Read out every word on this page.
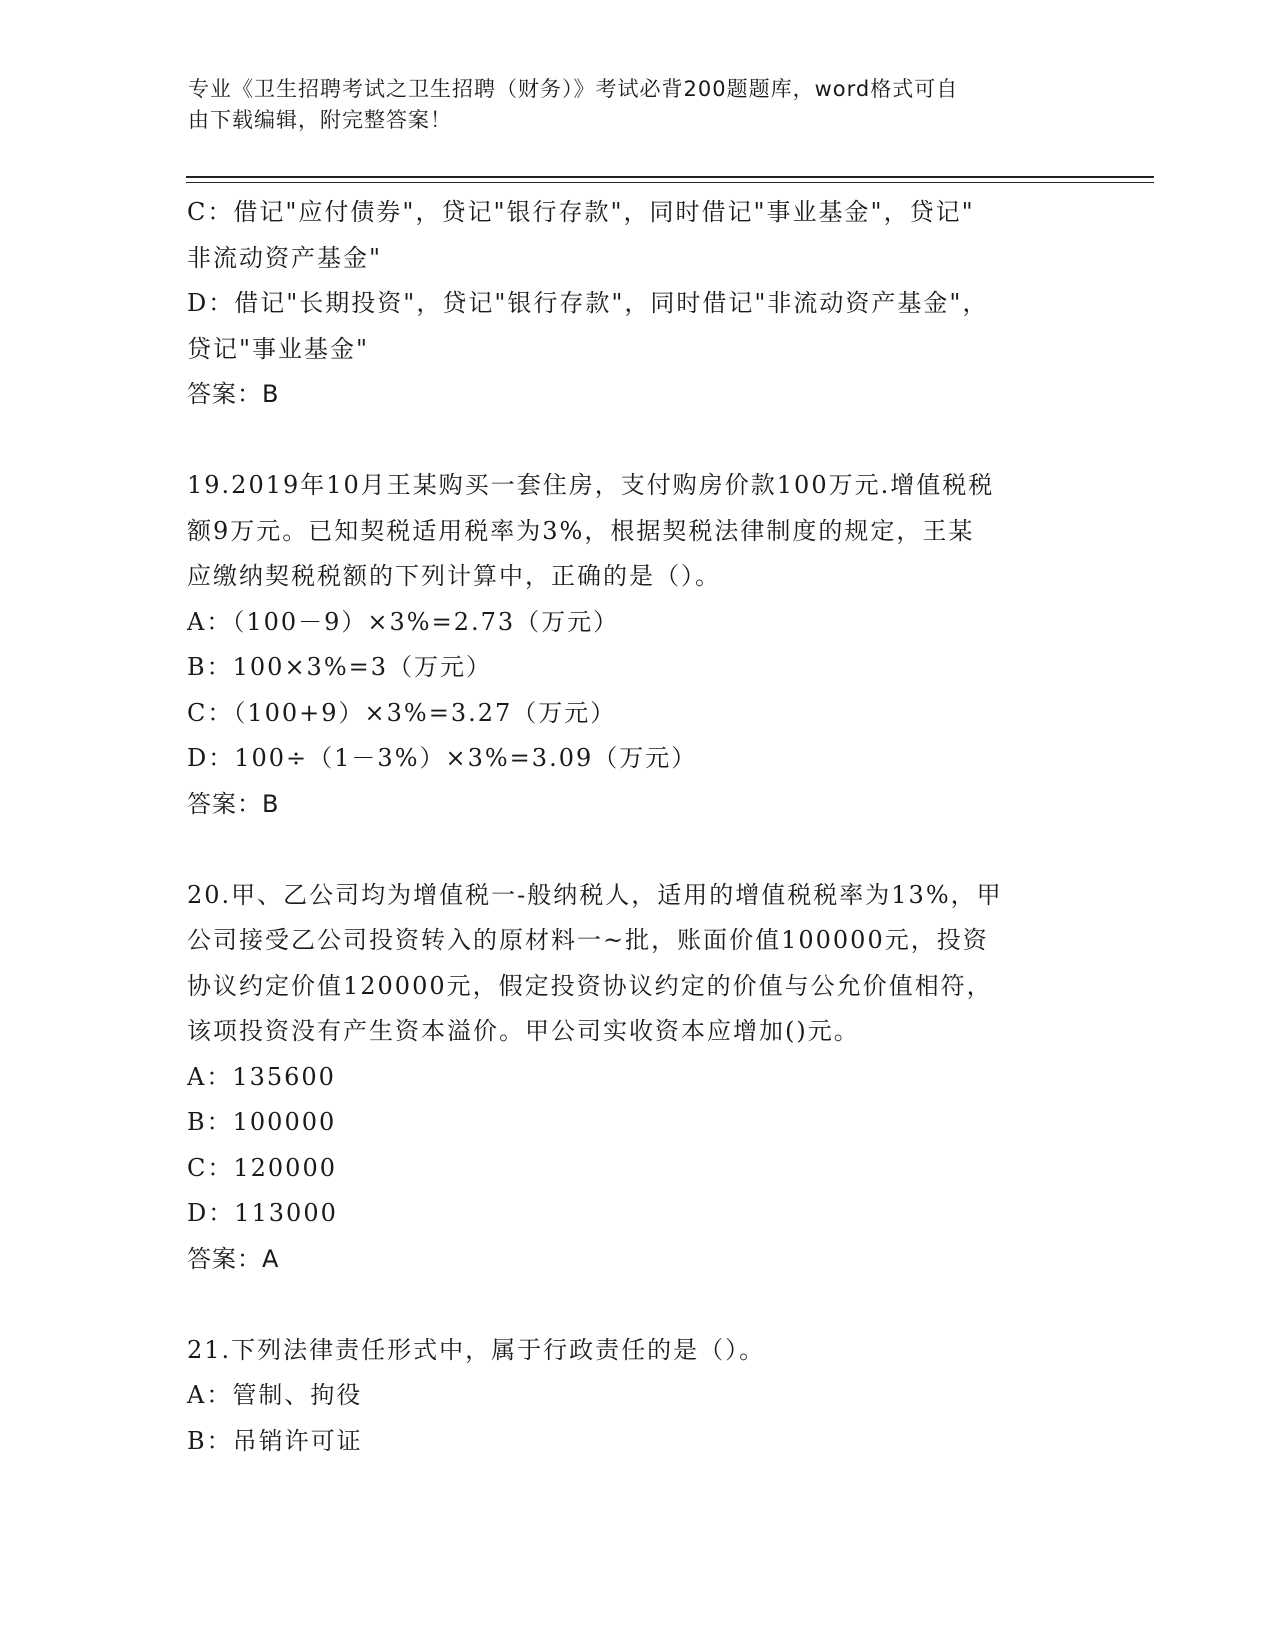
专业《卫生招聘考试之卫生招聘（财务）》考试必背200题题库，word格式可自
由下载编辑，附完整答案！
C：借记"应付债券"，贷记"银行存款"，同时借记"事业基金"，贷记"
非流动资产基金"
D：借记"长期投资"，贷记"银行存款"，同时借记"非流动资产基金"，
贷记"事业基金"
答案：B
19.2019年10月王某购买一套住房，支付购房价款100万元.增值税税
额9万元。已知契税适用税率为3%，根据契税法律制度的规定，王某
应缴纳契税税额的下列计算中，正确的是（）。
A：（100－9）×3%=2.73（万元）
B：100×3%=3（万元）
C：（100+9）×3%=3.27（万元）
D：100÷（1－3%）×3%=3.09（万元）
答案：B
20.甲、乙公司均为增值税一-般纳税人，适用的增值税税率为13%，甲
公司接受乙公司投资转入的原材料一~批，账面价值100000元，投资
协议约定价值120000元，假定投资协议约定的价值与公允价值相符，
该项投资没有产生资本溢价。甲公司实收资本应增加()元。
A：135600
B：100000
C：120000
D：113000
答案：A
21.下列法律责任形式中，属于行政责任的是（）。
A：管制、拘役
B：吊销许可证
